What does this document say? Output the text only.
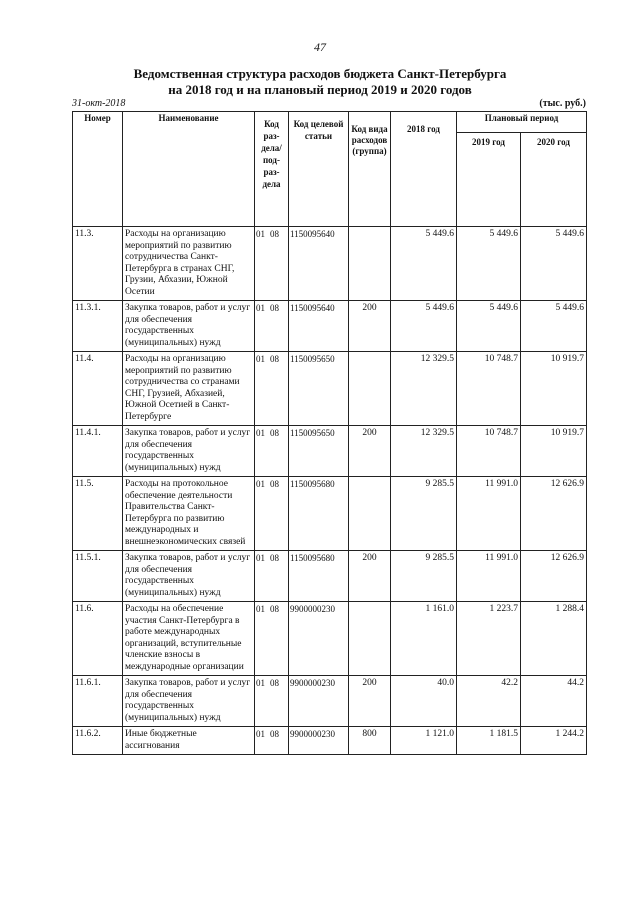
47
Ведомственная структура расходов бюджета Санкт-Петербурга
на 2018 год и на плановый период 2019 и 2020 годов
31-окт-2018	(тыс. руб.)
Номер	Наименование	Код раз- дела/ под- раз- дела	Код целевой статьи	Код вида расходов (группа)	2018 год	Плановый период	
						2019 год	2020 год
11.3.	Расходы на организацию мероприятий по развитию сотрудничества Санкт-Петербурга в странах СНГ, Грузии, Абхазии, Южной Осетии	01 08	1150095640		5 449.6	5 449.6	5 449.6
11.3.1.	Закупка товаров, работ и услуг для обеспечения государственных (муниципальных) нужд	01 08	1150095640	200	5 449.6	5 449.6	5 449.6
11.4.	Расходы на организацию мероприятий по развитию сотрудничества со странами СНГ, Грузией, Абхазией, Южной Осетией в Санкт-Петербурге	01 08	1150095650		12 329.5	10 748.7	10 919.7
11.4.1.	Закупка товаров, работ и услуг для обеспечения государственных (муниципальных) нужд	01 08	1150095650	200	12 329.5	10 748.7	10 919.7
11.5.	Расходы на протокольное обеспечение деятельности Правительства Санкт-Петербурга по развитию международных и внешнеэкономических связей	01 08	1150095680		9 285.5	11 991.0	12 626.9
11.5.1.	Закупка товаров, работ и услуг для обеспечения государственных (муниципальных) нужд	01 08	1150095680	200	9 285.5	11 991.0	12 626.9
11.6.	Расходы на обеспечение участия Санкт-Петербурга в работе международных организаций, вступительные членские взносы в международные организации	01 08	9900000230		1 161.0	1 223.7	1 288.4
11.6.1.	Закупка товаров, работ и услуг для обеспечения государственных (муниципальных) нужд	01 08	9900000230	200	40.0	42.2	44.2
11.6.2.	Иные бюджетные ассигнования	01 08	9900000230	800	1 121.0	1 181.5	1 244.2
